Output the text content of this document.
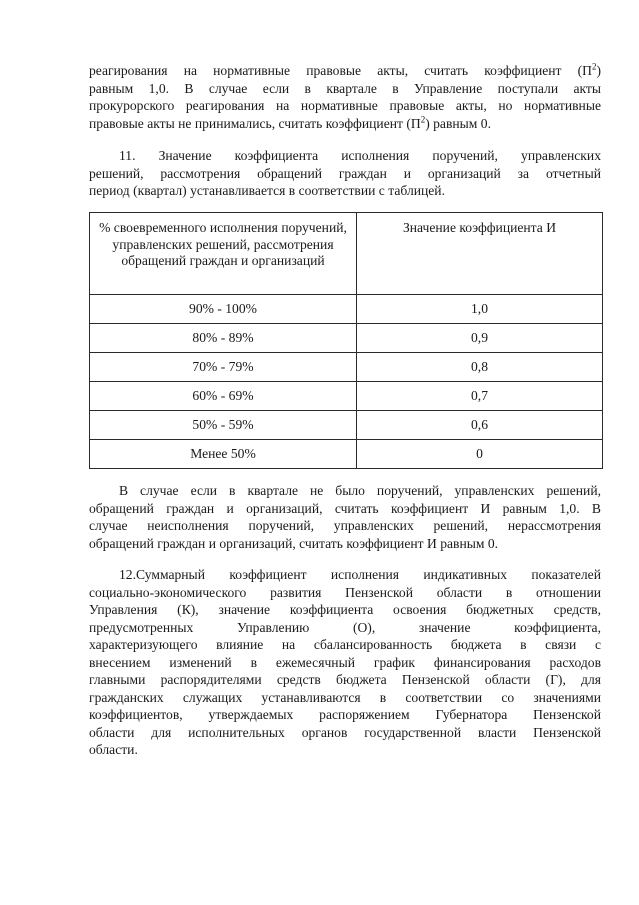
реагирования на нормативные правовые акты, считать коэффициент $(П^2)$
равным 1,0. В случае если в квартале в Управление поступали акты
прокурорского реагирования на нормативные правовые акты, но нормативные
правовые акты не принимались, считать коэффициент $(П^2)$ равным 0.
11. Значение коэффициента исполнения поручений, управленских
решений, рассмотрения обращений граждан и организаций за отчетный
период (квартал) устанавливается в соответствии с таблицей.
% своевременного исполнения поручений, управленских решений, рассмотрения обращений граждан и организаций	Значение коэффициента И
90% - 100%	1,0
80% - 89%	0,9
70% - 79%	0,8
60% - 69%	0,7
50% - 59%	0,6
Менее 50%	0
В случае если в квартале не было поручений, управленских решений,
обращений граждан и организаций, считать коэффициент И равным 1,0. В
случае неисполнения поручений, управленских решений, нерассмотрения
обращений граждан и организаций, считать коэффициент И равным 0.
12.Суммарный коэффициент исполнения индикативных показателей
социально-экономического развития Пензенской области в отношении
Управления (К), значение коэффициента освоения бюджетных средств,
предусмотренных Управлению (О), значение коэффициента,
характеризующего влияние на сбалансированность бюджета в связи с
внесением изменений в ежемесячный график финансирования расходов
главными распорядителями средств бюджета Пензенской области (Г), для
гражданских служащих устанавливаются в соответствии со значениями
коэффициентов, утверждаемых распоряжением Губернатора Пензенской
области для исполнительных органов государственной власти Пензенской
области.
